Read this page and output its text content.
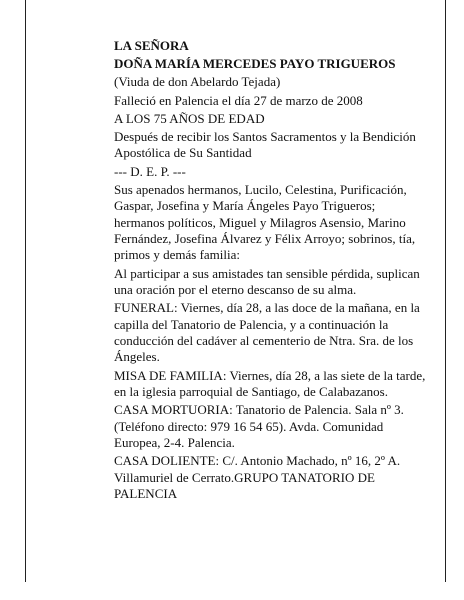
LA SEÑORA

DOÑA MARÍA MERCEDES PAYO TRIGUEROS

(Viuda de don Abelardo Tejada)

Falleció en Palencia el día 27 de marzo de 2008

A LOS 75 AÑOS DE EDAD

Después de recibir los Santos Sacramentos y la Bendición Apostólica de Su Santidad

--- D. E. P. ---

Sus apenados hermanos, Lucilo, Celestina, Purificación, Gaspar, Josefina y María Ángeles Payo Trigueros; hermanos políticos, Miguel y Milagros Asensio, Marino Fernández, Josefina Álvarez y Félix Arroyo; sobrinos, tía, primos y demás familia:

Al participar a sus amistades tan sensible pérdida, suplican una oración por el eterno descanso de su alma.

FUNERAL: Viernes, día 28, a las doce de la mañana, en la capilla del Tanatorio de Palencia, y a continuación la conducción del cadáver al cementerio de Ntra. Sra. de los Ángeles.

MISA DE FAMILIA: Viernes, día 28, a las siete de la tarde, en la iglesia parroquial de Santiago, de Calabazanos.

CASA MORTUORIA: Tanatorio de Palencia. Sala nº 3. (Teléfono directo: 979 16 54 65). Avda. Comunidad Europea, 2-4. Palencia.

CASA DOLIENTE: C/. Antonio Machado, nº 16, 2º A. Villamuriel de Cerrato.GRUPO TANATORIO DE PALENCIA
